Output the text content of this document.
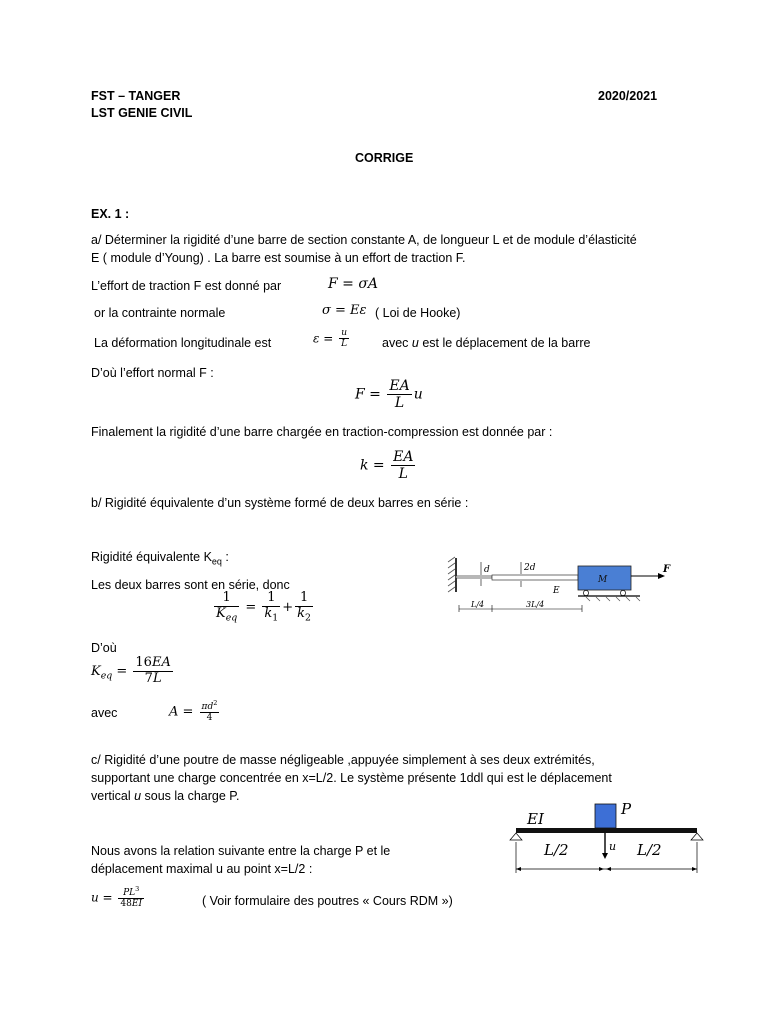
FST – TANGER
LST GENIE CIVIL
2020/2021
CORRIGE
EX. 1 :
a/ Déterminer la rigidité d’une barre de section constante A, de longueur L et de module d’élasticité
E ( module d’Young) . La barre est soumise à un effort de traction F.
L’effort de traction F est donné par	F = σA
or la contrainte normale	σ = Eε ( Loi de Hooke)
La déformation longitudinale est	$\varepsilon = \frac{u}{L}$	avec u est le déplacement de la barre
D’où l’effort normal F :
$F = \frac{EA}{L}$ u
Finalement la rigidité d’une barre chargée en traction-compression est donnée par :
$k = \frac{EA}{L}$
b/ Rigidité équivalente d’un système formé de deux barres en série :
Rigidité équivalente $K_{eq}$ :
Les deux barres sont en série, donc
$\frac{1}{K_{eq}} = \frac{1}{k_1} + \frac{1}{k_2}$
D’où
$K_{eq} = \frac{16EA}{7L}$
avec	$A = \frac{\pi d^2}{4}$
d	2d
E
M
F
L/4	3L/4
c/ Rigidité d’une poutre de masse négligeable ,appuyée simplement à ses deux extrémités,
supportant une charge concentrée en x=L/2. Le système présente 1ddl qui est le déplacement
vertical u sous la charge P.
Nous avons la relation suivante entre la charge P et le
déplacement maximal u au point x=L/2 :
$u = \frac{PL^3}{48EI}$	( Voir formulaire des poutres « Cours RDM »)
EI
P
u
L/2	L/2
